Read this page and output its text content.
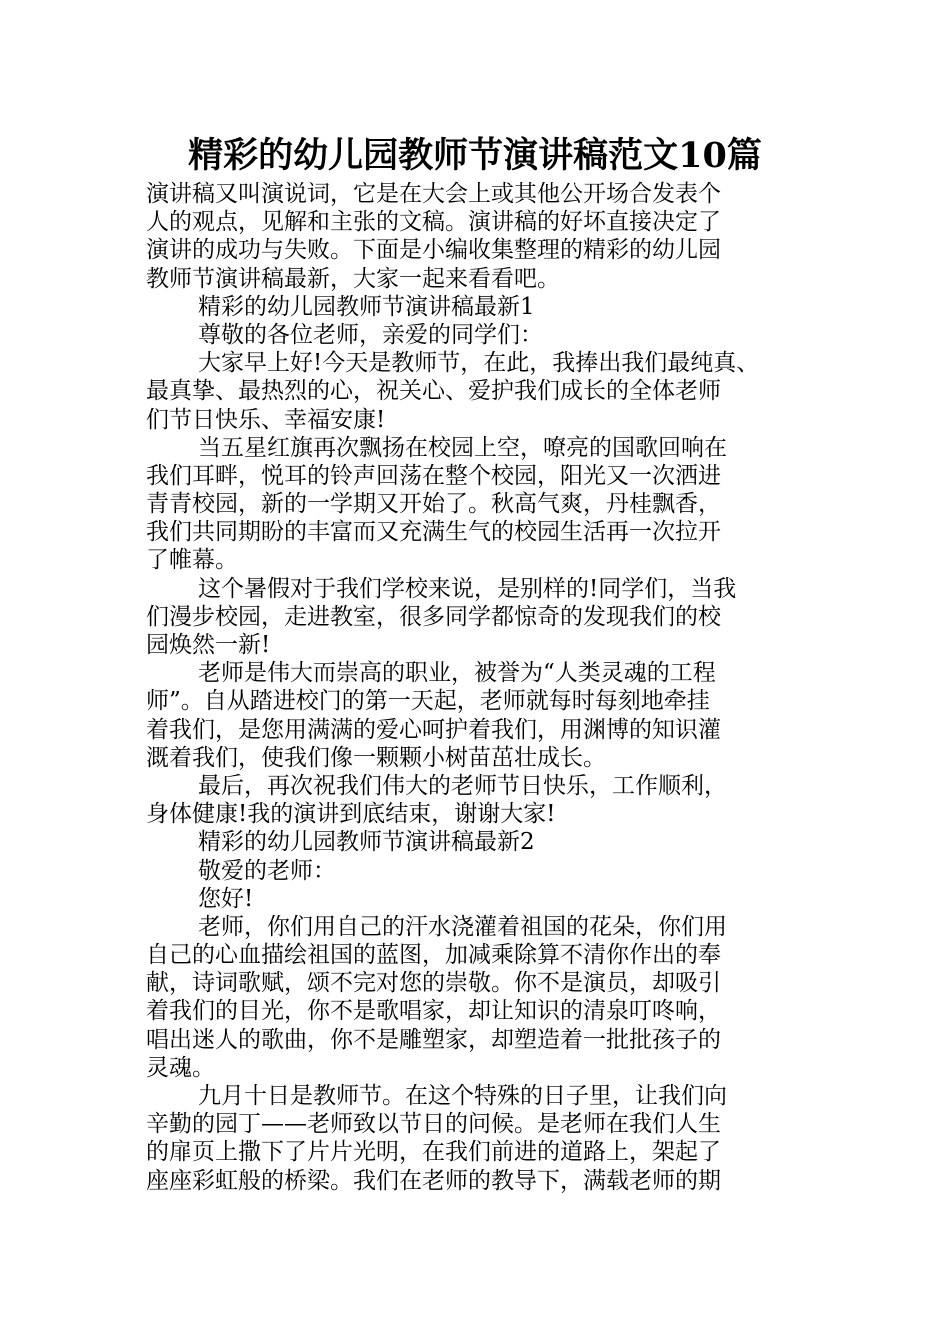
精彩的幼儿园教师节演讲稿范文10篇

演讲稿又叫演说词，它是在大会上或其他公开场合发表个
人的观点，见解和主张的文稿。演讲稿的好坏直接决定了
演讲的成功与失败。下面是小编收集整理的精彩的幼儿园
教师节演讲稿最新，大家一起来看看吧。

精彩的幼儿园教师节演讲稿最新1

尊敬的各位老师，亲爱的同学们：

大家早上好!今天是教师节，在此，我捧出我们最纯真、
最真挚、最热烈的心，祝关心、爱护我们成长的全体老师
们节日快乐、幸福安康!

当五星红旗再次飘扬在校园上空，嘹亮的国歌回响在
我们耳畔，悦耳的铃声回荡在整个校园，阳光又一次洒进
青青校园，新的一学期又开始了。秋高气爽，丹桂飘香，
我们共同期盼的丰富而又充满生气的校园生活再一次拉开
了帷幕。

这个暑假对于我们学校来说，是别样的!同学们，当我
们漫步校园，走进教室，很多同学都惊奇的发现我们的校
园焕然一新!

老师是伟大而崇高的职业，被誉为“人类灵魂的工程
师”。自从踏进校门的第一天起，老师就每时每刻地牵挂
着我们，是您用满满的爱心呵护着我们，用渊博的知识灌
溉着我们，使我们像一颗颗小树苗茁壮成长。

最后，再次祝我们伟大的老师节日快乐，工作顺利，
身体健康!我的演讲到底结束，谢谢大家!

精彩的幼儿园教师节演讲稿最新2

敬爱的老师：

您好!

老师，你们用自己的汗水浇灌着祖国的花朵，你们用
自己的心血描绘祖国的蓝图，加减乘除算不清你作出的奉
献，诗词歌赋，颂不完对您的崇敬。你不是演员，却吸引
着我们的目光，你不是歌唱家，却让知识的清泉叮咚响，
唱出迷人的歌曲，你不是雕塑家，却塑造着一批批孩子的
灵魂。

九月十日是教师节。在这个特殊的日子里，让我们向
辛勤的园丁——老师致以节日的问候。是老师在我们人生
的扉页上撒下了片片光明，在我们前进的道路上，架起了
座座彩虹般的桥梁。我们在老师的教导下，满载老师的期
